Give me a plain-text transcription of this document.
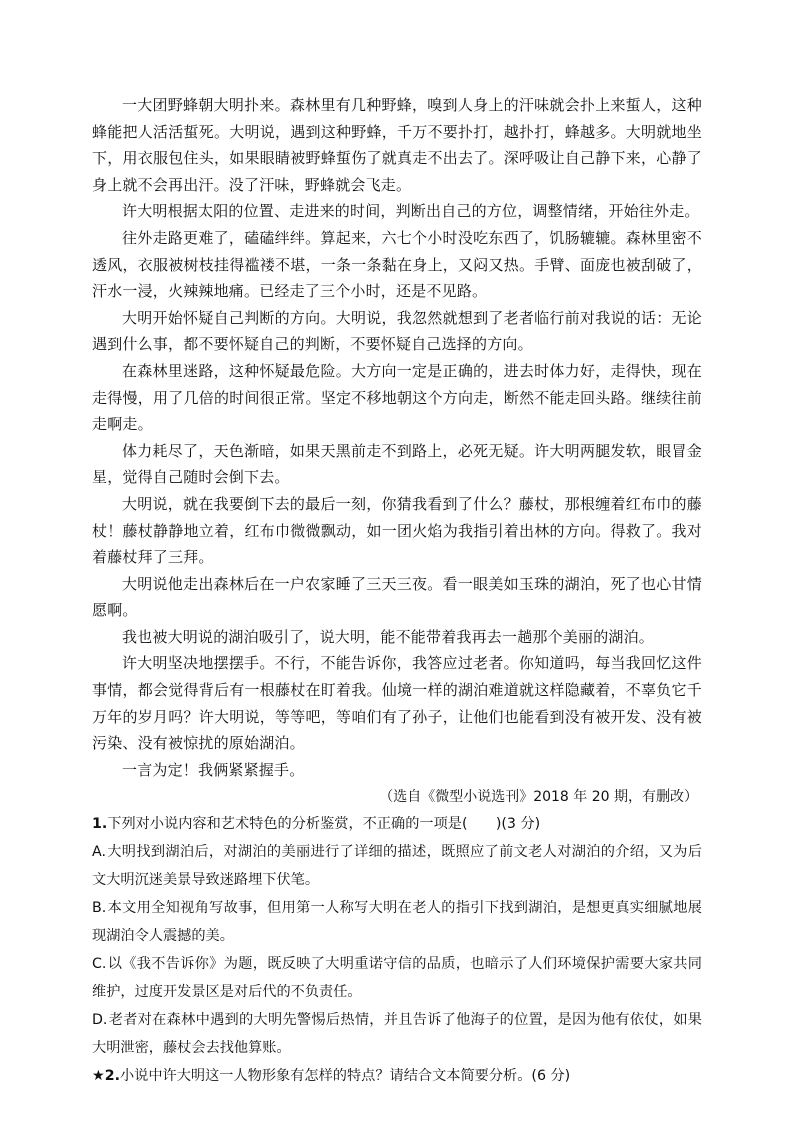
一大团野蜂朝大明扑来。森林里有几种野蜂，嗅到人身上的汗味就会扑上来蜇人，这种蜂能把人活活蜇死。大明说，遇到这种野蜂，千万不要扑打，越扑打，蜂越多。大明就地坐下，用衣服包住头，如果眼睛被野蜂蜇伤了就真走不出去了。深呼吸让自己静下来，心静了身上就不会再出汗。没了汗味，野蜂就会飞走。

许大明根据太阳的位置、走进来的时间，判断出自己的方位，调整情绪，开始往外走。

往外走路更难了，磕磕绊绊。算起来，六七个小时没吃东西了，饥肠辘辘。森林里密不透风，衣服被树枝挂得褴褛不堪，一条一条黏在身上，又闷又热。手臂、面庞也被刮破了，汗水一浸，火辣辣地痛。已经走了三个小时，还是不见路。

大明开始怀疑自己判断的方向。大明说，我忽然就想到了老者临行前对我说的话：无论遇到什么事，都不要怀疑自己的判断，不要怀疑自己选择的方向。

在森林里迷路，这种怀疑最危险。大方向一定是正确的，进去时体力好，走得快，现在走得慢，用了几倍的时间很正常。坚定不移地朝这个方向走，断然不能走回头路。继续往前走啊走。

体力耗尽了，天色渐暗，如果天黑前走不到路上，必死无疑。许大明两腿发软，眼冒金星，觉得自己随时会倒下去。

大明说，就在我要倒下去的最后一刻，你猜我看到了什么？藤杖，那根缠着红布巾的藤杖！藤杖静静地立着，红布巾微微飘动，如一团火焰为我指引着出林的方向。得救了。我对着藤杖拜了三拜。

大明说他走出森林后在一户农家睡了三天三夜。看一眼美如玉珠的湖泊，死了也心甘情愿啊。

我也被大明说的湖泊吸引了，说大明，能不能带着我再去一趟那个美丽的湖泊。

许大明坚决地摆摆手。不行，不能告诉你，我答应过老者。你知道吗，每当我回忆这件事情，都会觉得背后有一根藤杖在盯着我。仙境一样的湖泊难道就这样隐藏着，不辜负它千万年的岁月吗？许大明说，等等吧，等咱们有了孙子，让他们也能看到没有被开发、没有被污染、没有被惊扰的原始湖泊。

一言为定！我俩紧紧握手。

（选自《微型小说选刊》2018 年 20 期，有删改）

1.下列对小说内容和艺术特色的分析鉴赏，不正确的一项是(　　)(3 分)

A.大明找到湖泊后，对湖泊的美丽进行了详细的描述，既照应了前文老人对湖泊的介绍，又为后文大明沉迷美景导致迷路埋下伏笔。

B.本文用全知视角写故事，但用第一人称写大明在老人的指引下找到湖泊，是想更真实细腻地展现湖泊令人震撼的美。

C.以《我不告诉你》为题，既反映了大明重诺守信的品质，也暗示了人们环境保护需要大家共同维护，过度开发景区是对后代的不负责任。

D.老者对在森林中遇到的大明先警惕后热情，并且告诉了他海子的位置，是因为他有依仗，如果大明泄密，藤杖会去找他算账。

★2.小说中许大明这一人物形象有怎样的特点？请结合文本简要分析。(6 分)
